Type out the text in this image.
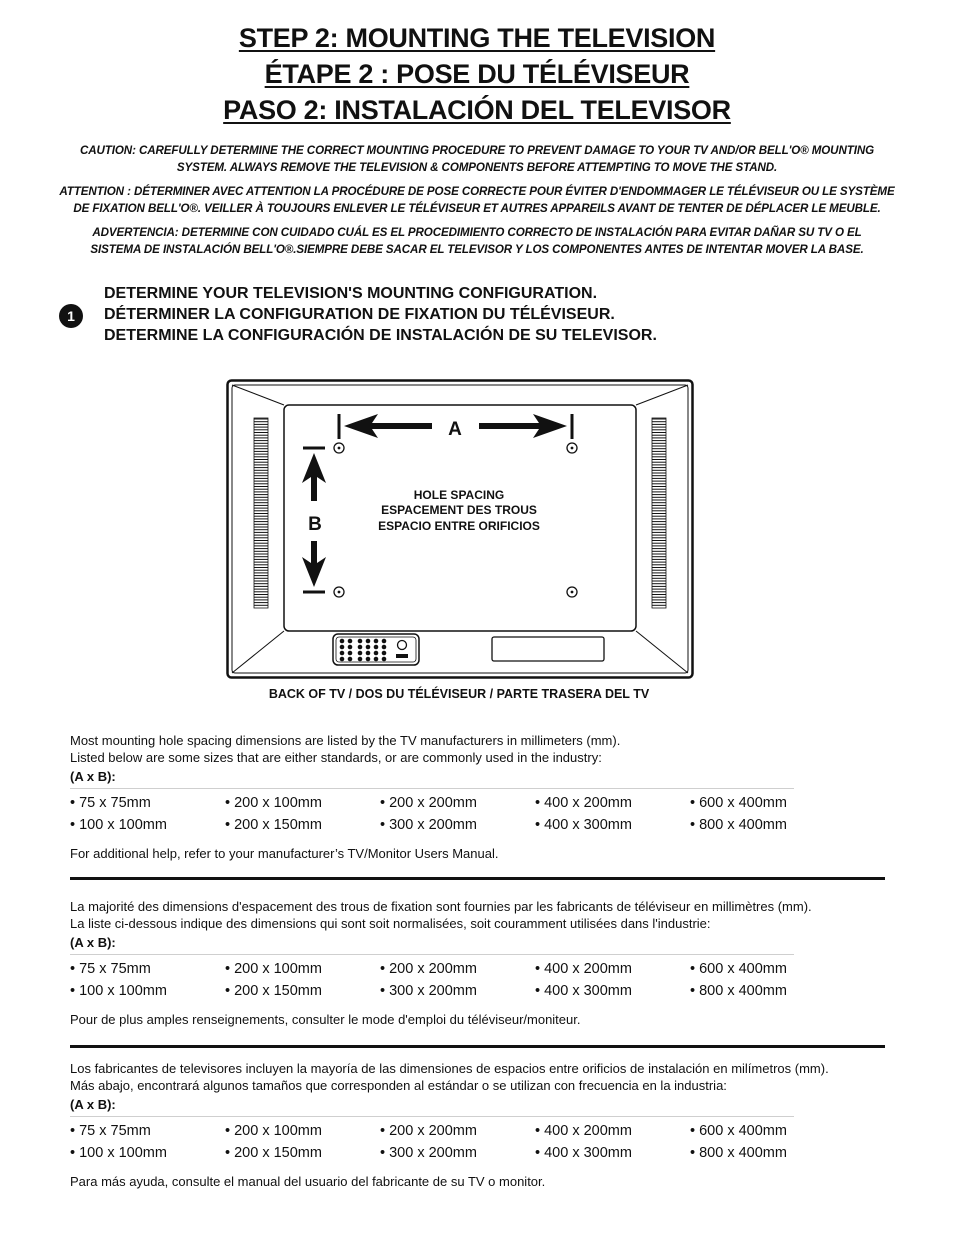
STEP 2: MOUNTING THE TELEVISION
ÉTAPE 2 : POSE DU TÉLÉVISEUR
PASO 2: INSTALACIÓN DEL TELEVISOR
CAUTION: CAREFULLY DETERMINE THE CORRECT MOUNTING PROCEDURE TO PREVENT DAMAGE TO YOUR TV AND/OR BELL'O® MOUNTING
SYSTEM. ALWAYS REMOVE THE TELEVISION & COMPONENTS BEFORE ATTEMPTING TO MOVE THE STAND.
ATTENTION : DÉTERMINER AVEC ATTENTION LA PROCÉDURE DE POSE CORRECTE POUR ÉVITER D'ENDOMMAGER LE TÉLÉVISEUR OU LE SYSTÈME
DE FIXATION BELL'O®. VEILLER À TOUJOURS ENLEVER LE TÉLÉVISEUR ET AUTRES APPAREILS AVANT DE TENTER DE DÉPLACER LE MEUBLE.
ADVERTENCIA: DETERMINE CON CUIDADO CUÁL ES EL PROCEDIMIENTO CORRECTO DE INSTALACIÓN PARA EVITAR DAÑAR SU TV O EL
SISTEMA DE INSTALACIÓN BELL'O®.SIEMPRE DEBE SACAR EL TELEVISOR Y LOS COMPONENTES ANTES DE INTENTAR MOVER LA BASE.
1
DETERMINE YOUR TELEVISION'S MOUNTING CONFIGURATION.
DÉTERMINER LA CONFIGURATION DE FIXATION DU TÉLÉVISEUR.
DETERMINE LA CONFIGURACIÓN DE INSTALACIÓN DE SU TELEVISOR.
A
B
HOLE SPACING
ESPACEMENT DES TROUS
ESPACIO ENTRE ORIFICIOS
BACK OF TV / DOS DU TÉLÉVISEUR / PARTE TRASERA DEL TV

Most mounting hole spacing dimensions are listed by the TV manufacturers in millimeters (mm).

Listed below are some sizes that are either standards, or are commonly used in the industry:

(A x B):
• 75 x 75mm	• 200 x 100mm	• 200 x 200mm	• 400 x 200mm	• 600 x 400mm
• 100 x 100mm	• 200 x 150mm	• 300 x 200mm	• 400 x 300mm	• 800 x 400mm
For additional help, refer to your manufacturer’s TV/Monitor Users Manual.

La majorité des dimensions d'espacement des trous de fixation sont fournies par les fabricants de téléviseur en millimètres (mm).

La liste ci-dessous indique des dimensions qui sont soit normalisées, soit couramment utilisées dans l'industrie:

(A x B):
• 75 x 75mm	• 200 x 100mm	• 200 x 200mm	• 400 x 200mm	• 600 x 400mm
• 100 x 100mm	• 200 x 150mm	• 300 x 200mm	• 400 x 300mm	• 800 x 400mm
Pour de plus amples renseignements, consulter le mode d'emploi du téléviseur/moniteur.

Los fabricantes de televisores incluyen la mayoría de las dimensiones de espacios entre orificios de instalación en milímetros (mm).

Más abajo, encontrará algunos tamaños que corresponden al estándar o se utilizan con frecuencia en la industria:

(A x B):
• 75 x 75mm	• 200 x 100mm	• 200 x 200mm	• 400 x 200mm	• 600 x 400mm
• 100 x 100mm	• 200 x 150mm	• 300 x 200mm	• 400 x 300mm	• 800 x 400mm
Para más ayuda, consulte el manual del usuario del fabricante de su TV o monitor.
